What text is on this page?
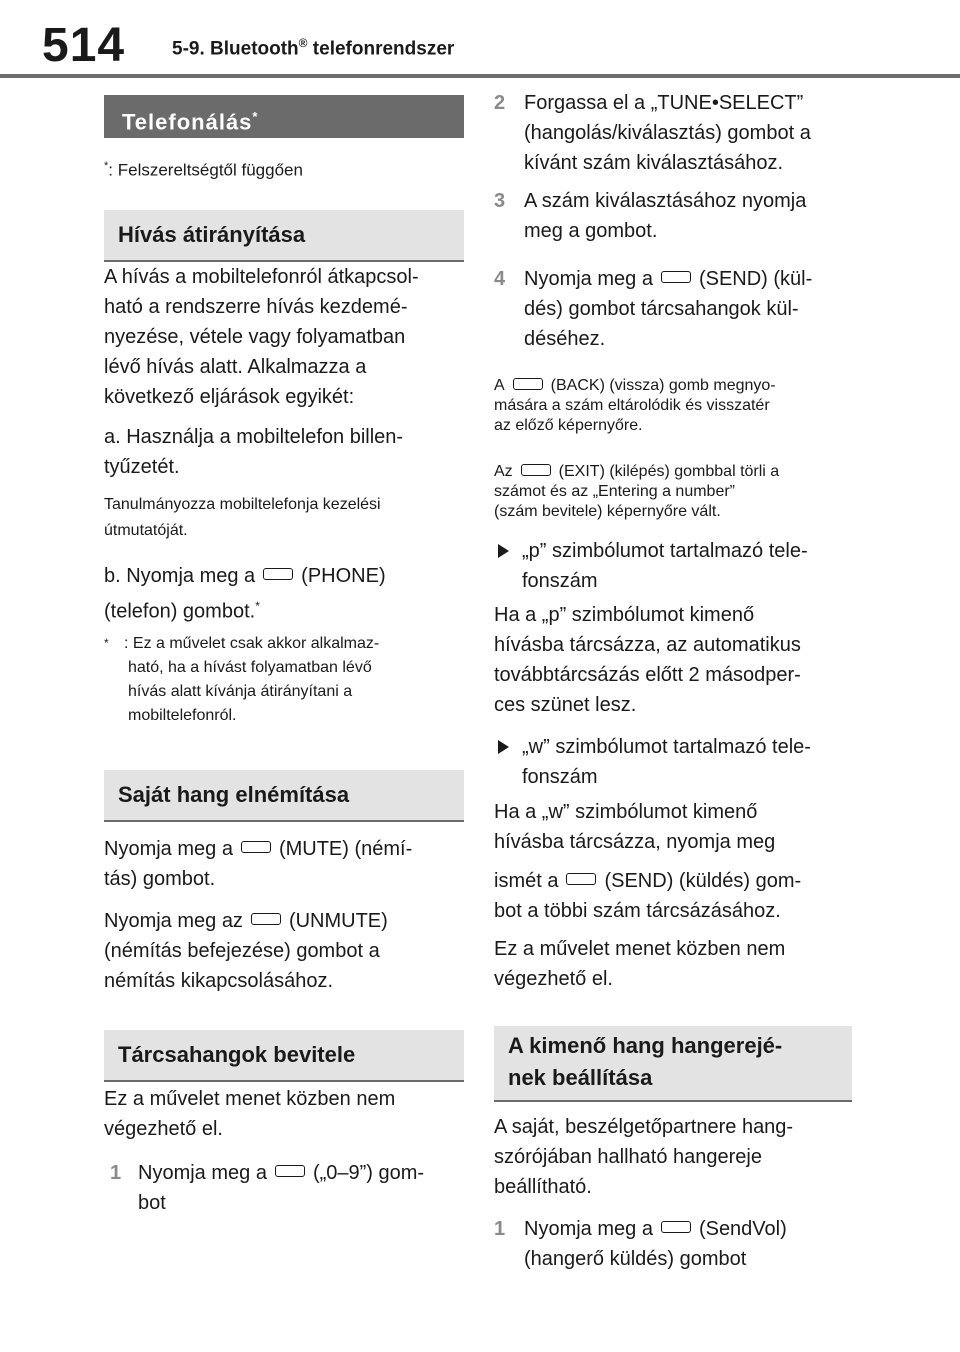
514 5-9. Bluetooth® telefonrendszer
Telefonálás*
*: Felszereltségtől függően
Hívás átirányítása

A hívás a mobiltelefonról átkapcsol-

ható a rendszerre hívás kezdemé-

nyezése, vétele vagy folyamatban

lévő hívás alatt. Alkalmazza a

következő eljárások egyikét:

a. Használja a mobiltelefon billen-

tyűzetét.

Tanulmányozza mobiltelefonja kezelési

útmutatóját.

b. Nyomja meg a (PHONE)

(telefon) gombot.*

* : Ez a művelet csak akkor alkalmaz-
ható, ha a hívást folyamatban lévő
hívás alatt kívánja átirányítani a
mobiltelefonról.
Saját hang elnémítása

Nyomja meg a (MUTE) (némí-

tás) gombot.

Nyomja meg az (UNMUTE)

(némítás befejezése) gombot a

némítás kikapcsolásához.

Tárcsahangok bevitele

Ez a művelet menet közben nem

végezhető el.

1 Nyomja meg a („0–9”) gom-
bot
2 Forgassa el a „TUNE•SELECT”
(hangolás/kiválasztás) gombot a
kívánt szám kiválasztásához.
3 A szám kiválasztásához nyomja
meg a gombot.
4 Nyomja meg a (SEND) (kül-
dés) gombot tárcsahangok kül-
déséhez.
A	(BACK) (vissza) gomb megnyo-
mására a szám eltárolódik és visszatér
az előző képernyőre.
Az	(EXIT) (kilépés) gombbal törli a
számot és az „Entering a number”
(szám bevitele) képernyőre vált.
„p” szimbólumot tartalmazó tele-
fonszám

Ha a „p” szimbólumot kimenő

hívásba tárcsázza, az automatikus

továbbtárcsázás előtt 2 másodper-

ces szünet lesz.

„w” szimbólumot tartalmazó tele-
fonszám

Ha a „w” szimbólumot kimenő

hívásba tárcsázza, nyomja meg

ismét a (SEND) (küldés) gom-

bot a többi szám tárcsázásához.

Ez a művelet menet közben nem

végezhető el.

A kimenő hang hangerejé-
nek beállítása

A saját, beszélgetőpartnere hang-

szórójában hallható hangereje

beállítható.

1 Nyomja meg a (SendVol)
(hangerő küldés) gombot
